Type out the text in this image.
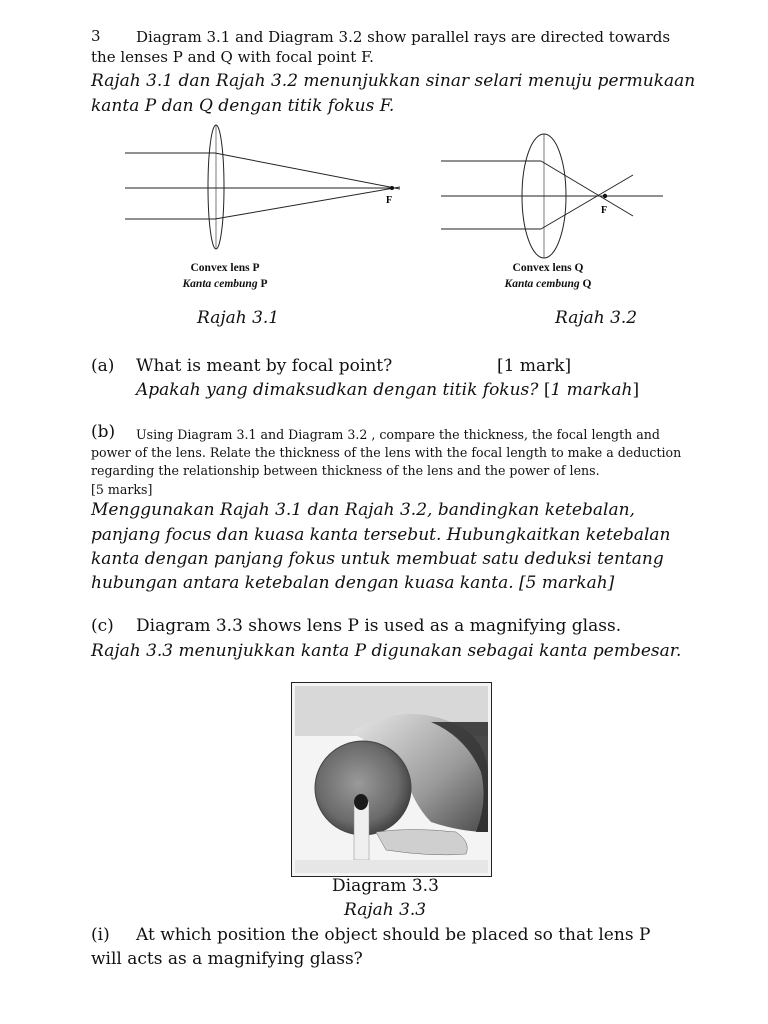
3 Diagram 3.1 and Diagram 3.2 show parallel rays are directed towards
the lenses P and Q with focal point F.
Rajah 3.1 dan Rajah 3.2 menunjukkan sinar selari menuju permukaan
kanta P dan Q dengan titik fokus F.
F
Convex lens P
Kanta cembung P
Rajah 3.1
F
Convex lens Q
Kanta cembung Q
Rajah 3.2
(a) What is meant by focal point?	[1 mark]
Apakah yang dimaksudkan dengan titik fokus? [1 markah]
(b) Using Diagram 3.1 and Diagram 3.2 , compare the thickness, the focal length and
power of the lens. Relate the thickness of the lens with the focal length to make a deduction
regarding the relationship between thickness of the lens and the power of lens.
[5 marks]
Menggunakan Rajah 3.1 dan Rajah 3.2, bandingkan ketebalan,
panjang focus dan kuasa kanta tersebut. Hubungkaitkan ketebalan
kanta dengan panjang fokus untuk membuat satu deduksi tentang
hubungan antara ketebalan dengan kuasa kanta. [5 markah]
(c) Diagram 3.3 shows lens P is used as a magnifying glass.
Rajah 3.3 menunjukkan kanta P digunakan sebagai kanta pembesar.
Diagram 3.3
Rajah 3.3
(i) At which position the object should be placed so that lens P
will acts as a magnifying glass?
